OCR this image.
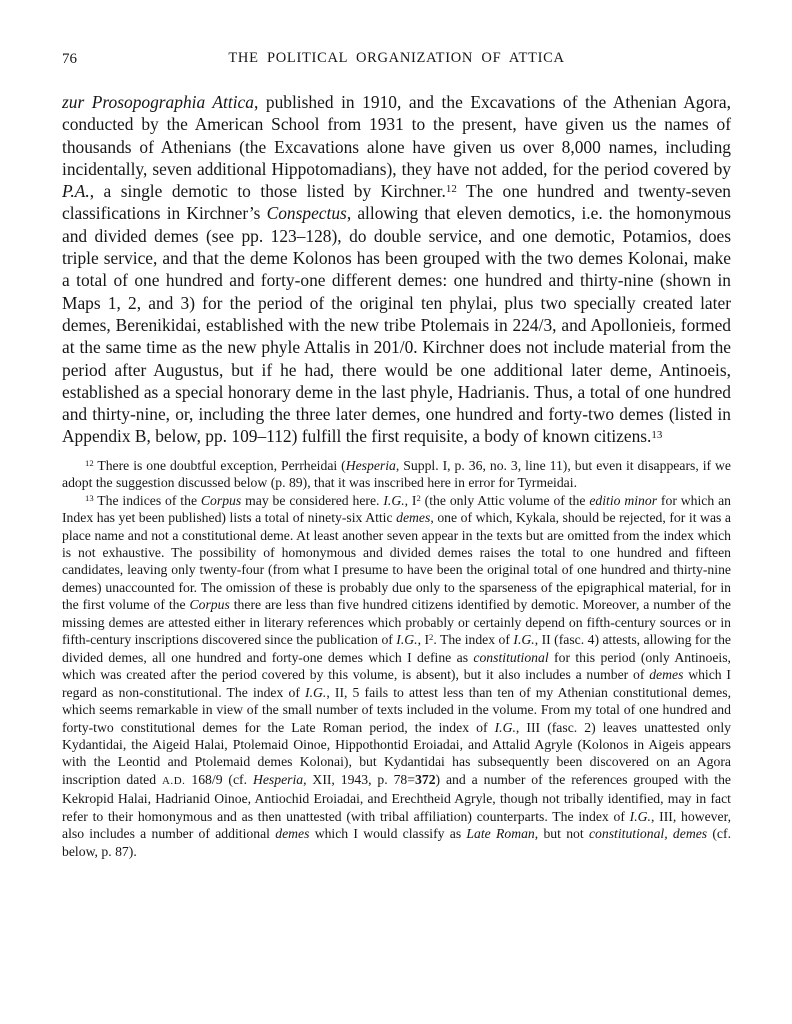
76	THE POLITICAL ORGANIZATION OF ATTICA

zur Prosopographia Attica, published in 1910, and the Excavations of the Athenian Agora, conducted by the American School from 1931 to the present, have given us the names of thousands of Athenians (the Excavations alone have given us over 8,000 names, including incidentally, seven additional Hippotomadians), they have not added, for the period covered by P.A., a single demotic to those listed by Kirchner.$^{12}$ The one hundred and twenty-seven classifications in Kirchner’s Conspectus, allowing that eleven demotics, i.e. the homonymous and divided demes (see pp. 123–128), do double service, and one demotic, Potamios, does triple service, and that the deme Kolonos has been grouped with the two demes Kolonai, make a total of one hundred and forty-one different demes: one hundred and thirty-nine (shown in Maps 1, 2, and 3) for the period of the original ten phylai, plus two specially created later demes, Berenikidai, established with the new tribe Ptolemais in 224/3, and Apollonieis, formed at the same time as the new phyle Attalis in 201/0. Kirchner does not include material from the period after Augustus, but if he had, there would be one additional later deme, Antinoeis, established as a special honorary deme in the last phyle, Hadrianis. Thus, a total of one hundred and thirty-nine, or, including the three later demes, one hundred and forty-two demes (listed in Appendix B, below, pp. 109–112) fulfill the first requisite, a body of known citizens.$^{13}$

$^{12}$ There is one doubtful exception, Perrheidai (Hesperia, Suppl. I, p. 36, no. 3, line 11), but even it disappears, if we adopt the suggestion discussed below (p. 89), that it was inscribed here in error for Tyrmeidai.

$^{13}$ The indices of the Corpus may be considered here. I.G., $I^2$ (the only Attic volume of the editio minor for which an Index has yet been published) lists a total of ninety-six Attic demes, one of which, Kykala, should be rejected, for it was a place name and not a constitutional deme. At least another seven appear in the texts but are omitted from the index which is not exhaustive. The possibility of homonymous and divided demes raises the total to one hundred and fifteen candidates, leaving only twenty-four (from what I presume to have been the original total of one hundred and thirty-nine demes) unaccounted for. The omission of these is probably due only to the sparseness of the epigraphical material, for in the first volume of the Corpus there are less than five hundred citizens identified by demotic. Moreover, a number of the missing demes are attested either in literary references which probably or certainly depend on fifth-century sources or in fifth-century inscriptions discovered since the publication of I.G., $I^2$. The index of I.G., II (fasc. 4) attests, allowing for the divided demes, all one hundred and forty-one demes which I define as constitutional for this period (only Antinoeis, which was created after the period covered by this volume, is absent), but it also includes a number of demes which I regard as non-constitutional. The index of I.G., II, 5 fails to attest less than ten of my Athenian constitutional demes, which seems remarkable in view of the small number of texts included in the volume. From my total of one hundred and forty-two constitutional demes for the Late Roman period, the index of I.G., III (fasc. 2) leaves unattested only Kydantidai, the Aigeid Halai, Ptolemaid Oinoe, Hippothontid Eroiadai, and Attalid Agryle (Kolonos in Aigeis appears with the Leontid and Ptolemaid demes Kolonai), but Kydantidai has subsequently been discovered on an Agora inscription dated A.D. 168/9 (cf. Hesperia, XII, 1943, p. 78=372) and a number of the references grouped with the Kekropid Halai, Hadrianid Oinoe, Antiochid Eroiadai, and Erechtheid Agryle, though not tribally identified, may in fact refer to their homonymous and as then unattested (with tribal affiliation) counterparts. The index of I.G., III, however, also includes a number of additional demes which I would classify as Late Roman, but not constitutional, demes (cf. below, p. 87).
